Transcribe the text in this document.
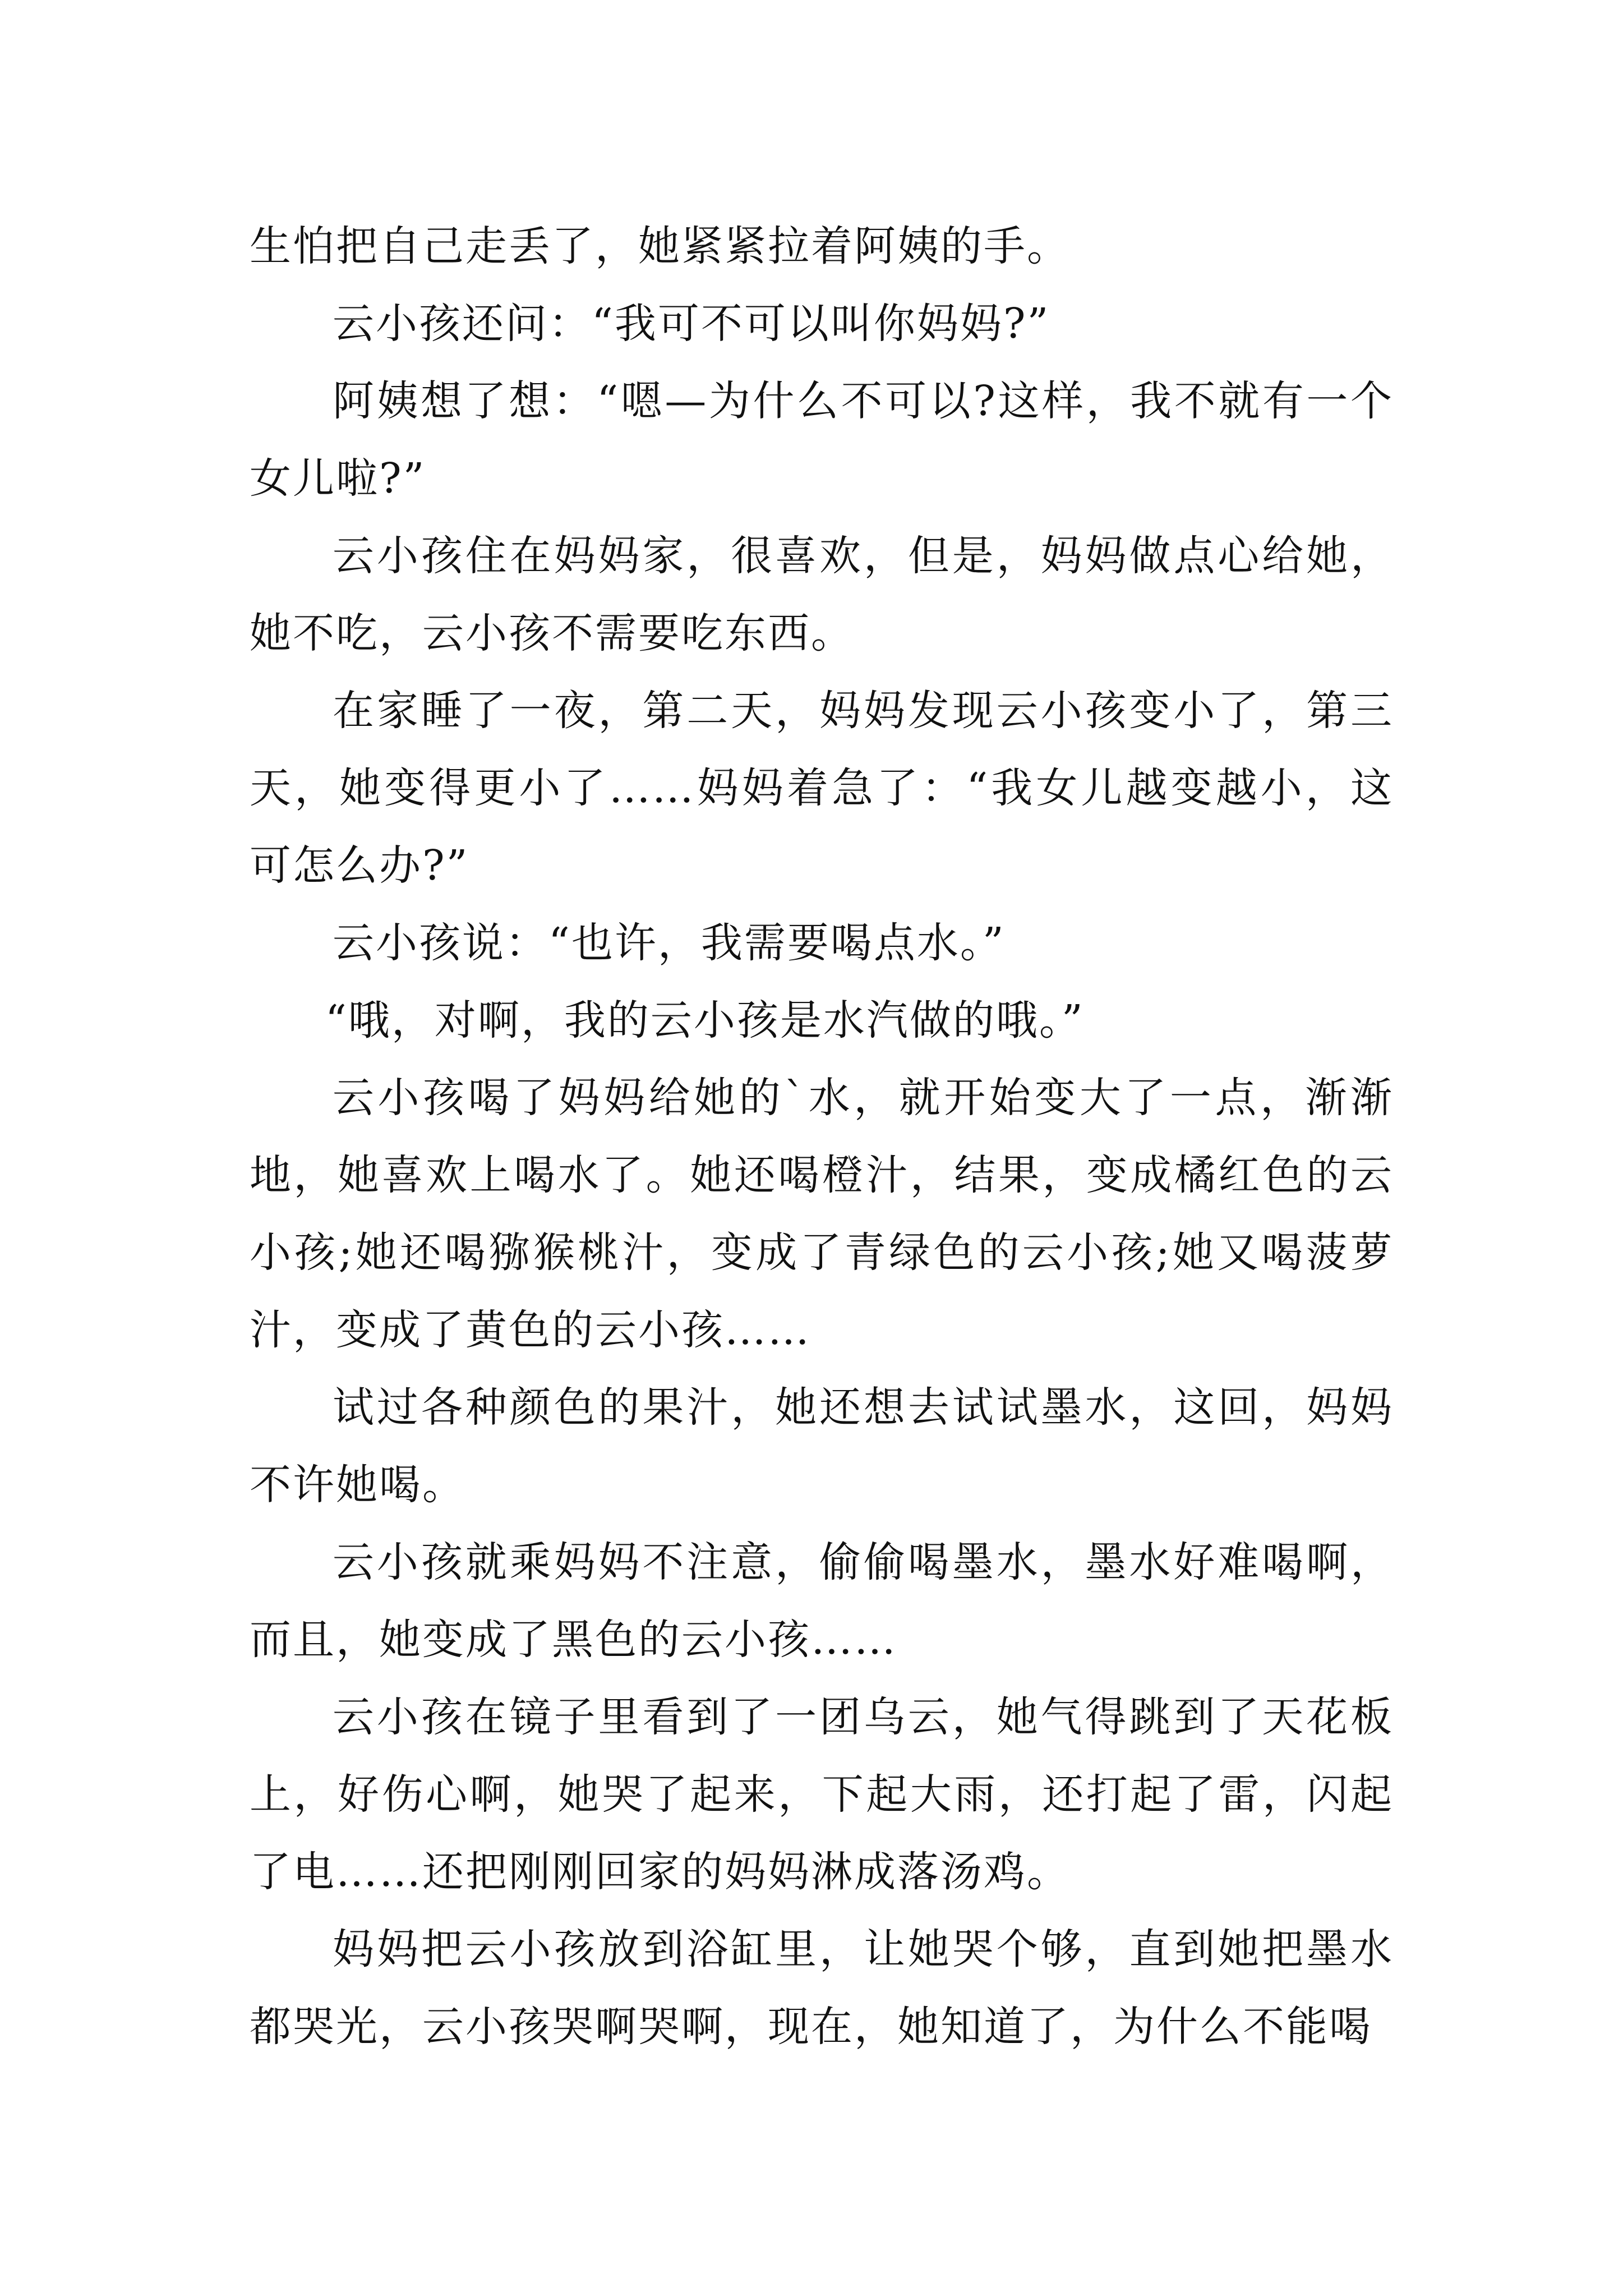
生怕把自己走丢了，她紧紧拉着阿姨的手。

云小孩还问：“我可不可以叫你妈妈?”

阿姨想了想：“嗯—为什么不可以?这样，我不就有一个女儿啦?”

云小孩住在妈妈家，很喜欢，但是，妈妈做点心给她，她不吃，云小孩不需要吃东西。

在家睡了一夜，第二天，妈妈发现云小孩变小了，第三天，她变得更小了……妈妈着急了：“我女儿越变越小，这可怎么办?”

云小孩说：“也许，我需要喝点水。”

“哦，对啊，我的云小孩是水汽做的哦。”

云小孩喝了妈妈给她的`水，就开始变大了一点，渐渐地，她喜欢上喝水了。她还喝橙汁，结果，变成橘红色的云小孩;她还喝猕猴桃汁，变成了青绿色的云小孩;她又喝菠萝汁，变成了黄色的云小孩……

试过各种颜色的果汁，她还想去试试墨水，这回，妈妈不许她喝。

云小孩就乘妈妈不注意，偷偷喝墨水，墨水好难喝啊，而且，她变成了黑色的云小孩……

云小孩在镜子里看到了一团乌云，她气得跳到了天花板上，好伤心啊，她哭了起来，下起大雨，还打起了雷，闪起了电……还把刚刚回家的妈妈淋成落汤鸡。

妈妈把云小孩放到浴缸里，让她哭个够，直到她把墨水都哭光，云小孩哭啊哭啊，现在，她知道了，为什么不能喝
